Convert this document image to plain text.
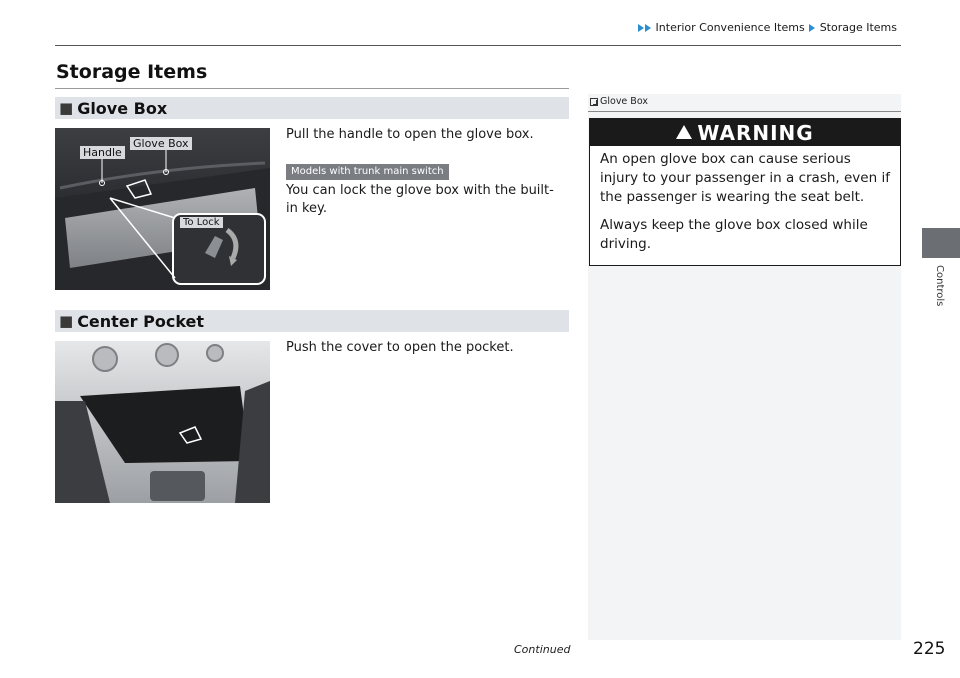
Interior Convenience Items Storage Items
Storage Items
■ Glove Box
Handle
Glove Box
To Lock
Pull the handle to open the glove box.
Models with trunk main switch
You can lock the glove box with the built-in key.
■ Center Pocket
Push the cover to open the pocket.
Glove Box
WARNING

An open glove box can cause serious injury to your passenger in a crash, even if the passenger is wearing the seat belt.

Always keep the glove box closed while driving.

Controls
Continued	225
